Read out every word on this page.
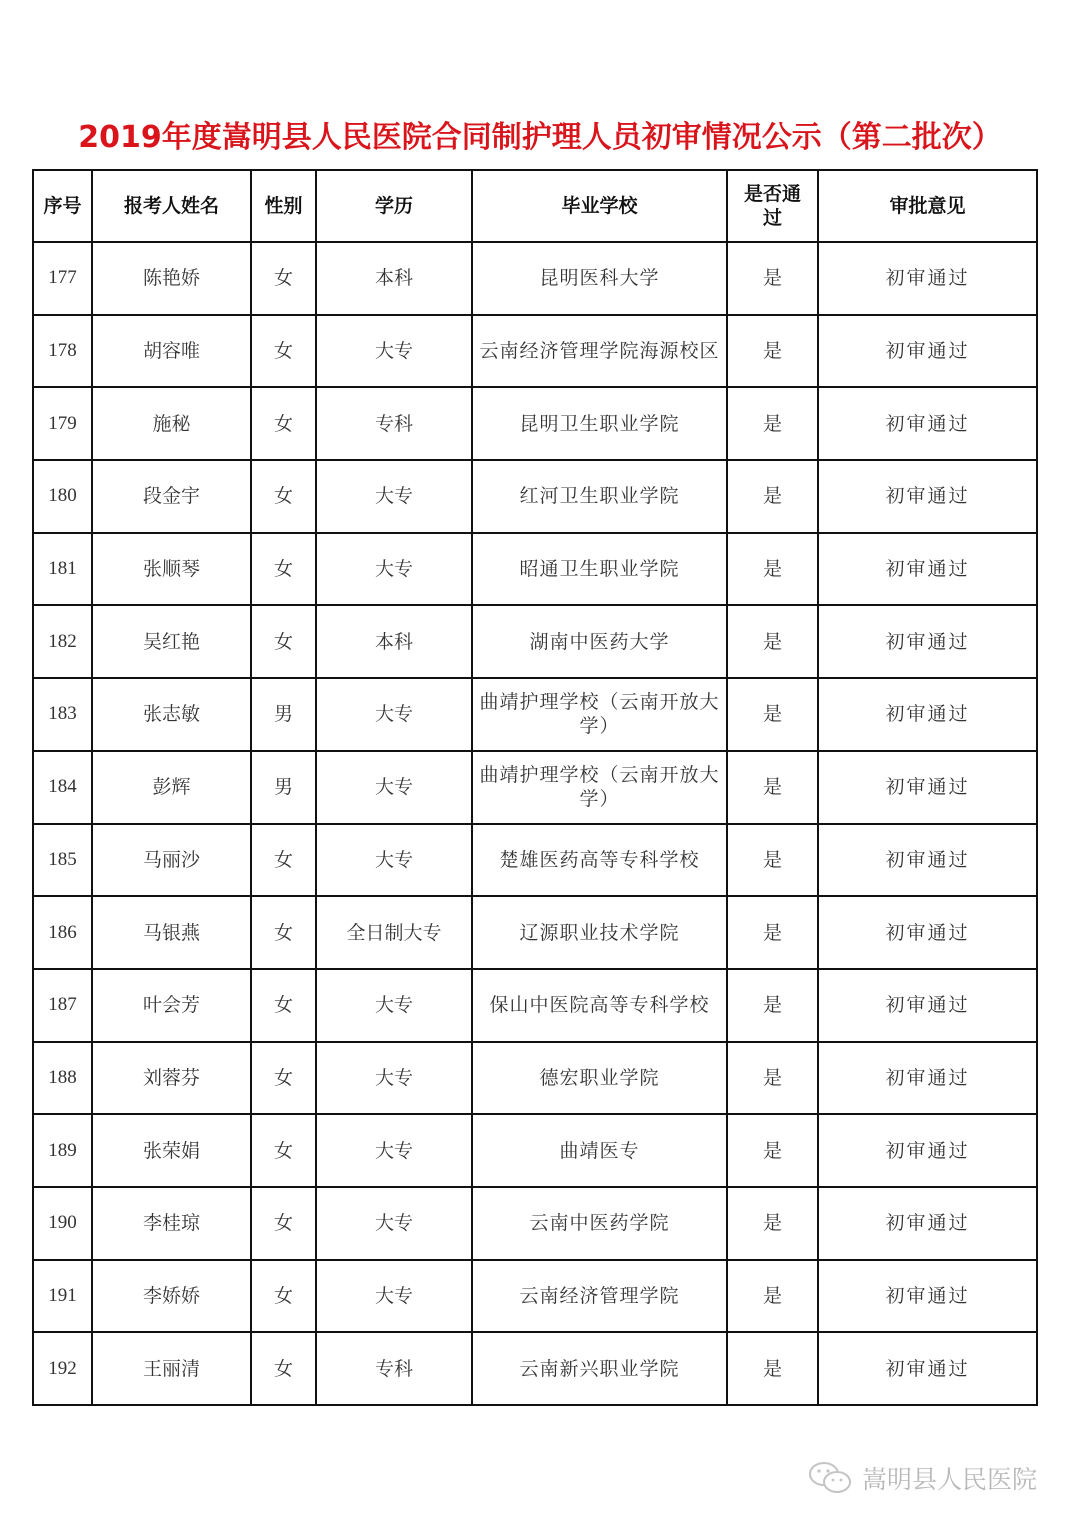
2019年度嵩明县人民医院合同制护理人员初审情况公示（第二批次）
序号	报考人姓名	性别	学历	毕业学校	是否通过	审批意见
177	陈艳娇	女	本科	昆明医科大学	是	初审通过
178	胡容唯	女	大专	云南经济管理学院海源校区	是	初审通过
179	施秘	女	专科	昆明卫生职业学院	是	初审通过
180	段金宇	女	大专	红河卫生职业学院	是	初审通过
181	张顺琴	女	大专	昭通卫生职业学院	是	初审通过
182	吴红艳	女	本科	湖南中医药大学	是	初审通过
183	张志敏	男	大专	曲靖护理学校（云南开放大学）	是	初审通过
184	彭辉	男	大专	曲靖护理学校（云南开放大学）	是	初审通过
185	马丽沙	女	大专	楚雄医药高等专科学校	是	初审通过
186	马银燕	女	全日制大专	辽源职业技术学院	是	初审通过
187	叶会芳	女	大专	保山中医院高等专科学校	是	初审通过
188	刘蓉芬	女	大专	德宏职业学院	是	初审通过
189	张荣娟	女	大专	曲靖医专	是	初审通过
190	李桂琼	女	大专	云南中医药学院	是	初审通过
191	李娇娇	女	大专	云南经济管理学院	是	初审通过
192	王丽清	女	专科	云南新兴职业学院	是	初审通过
嵩明县人民医院
